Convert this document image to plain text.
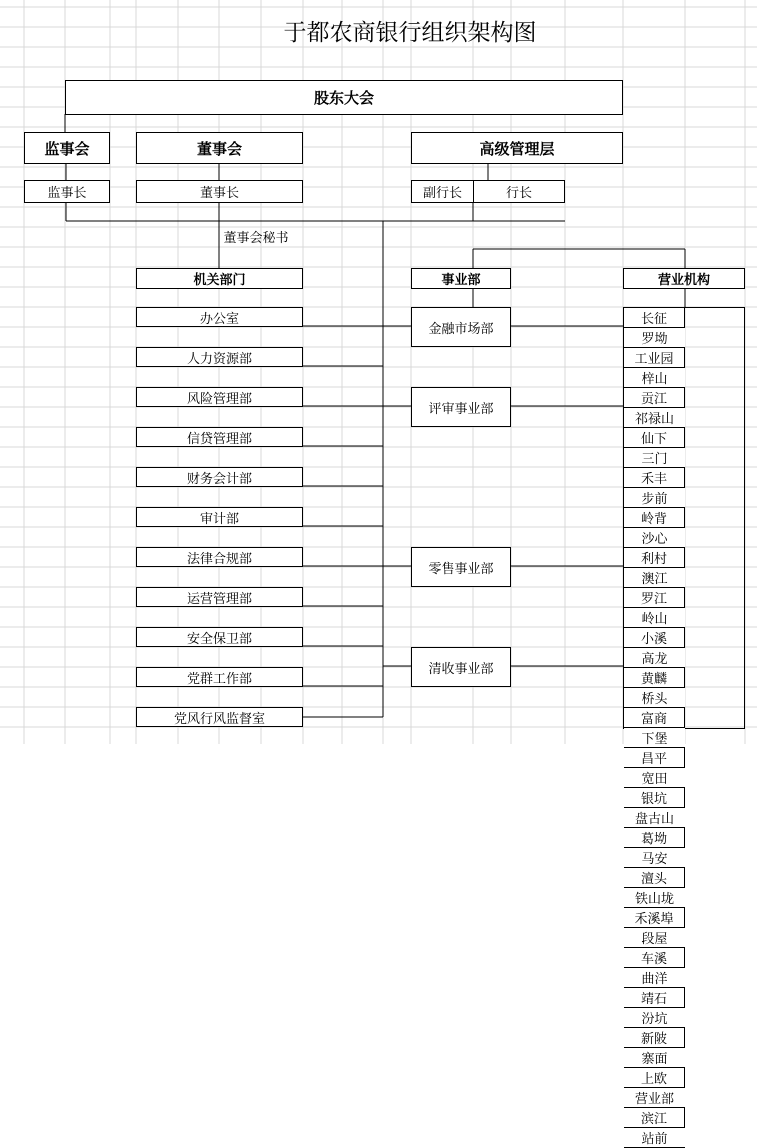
于都农商银行组织架构图
股东大会
监事会	董事会	高级管理层
监事长	董事长	副行长	行长
董事会秘书
机关部门	事业部	营业机构
办公室
人力资源部
风险管理部
信贷管理部
财务会计部
审计部
法律合规部
运营管理部
安全保卫部
党群工作部
党风行风监督室
金融市场部
评审事业部
零售事业部
清收事业部
长征
罗坳
工业园
梓山
贡江
祁禄山
仙下
三门
禾丰
步前
岭背
沙心
利村
澳江
罗江
岭山
小溪
高龙
黄麟
桥头
富商
下堡
昌平
宽田
银坑
盘古山
葛坳
马安
澶头
铁山垅
禾溪埠
段屋
车溪
曲洋
靖石
汾坑
新陂
寨面
上欧
营业部
滨江
站前
